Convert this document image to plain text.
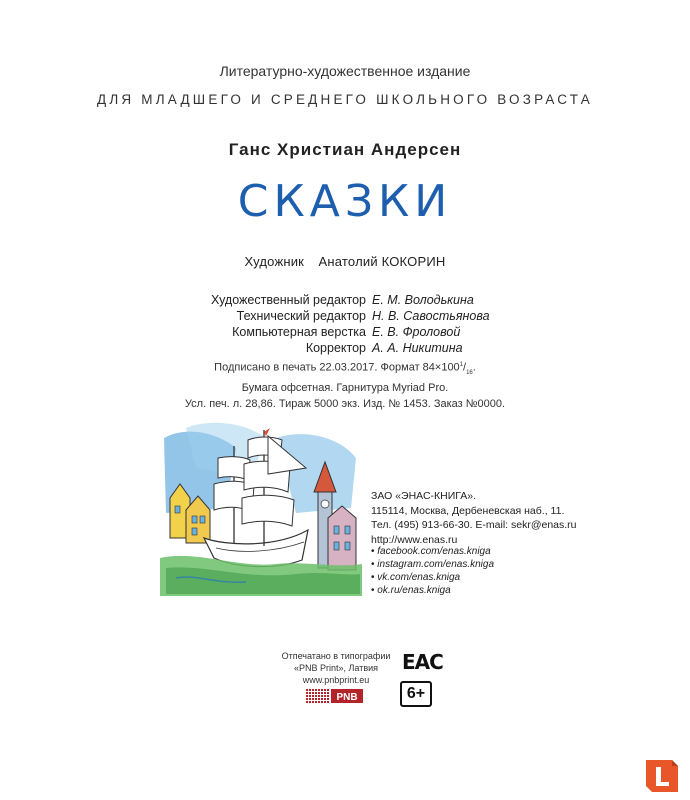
Литературно-художественное издание
ДЛЯ МЛАДШЕГО И СРЕДНЕГО ШКОЛЬНОГО ВОЗРАСТА
Ганс Христиан Андерсен
СКАЗКИ
Художник Анатолий КОКОРИН
Художественный редактор Е. М. Володькина
Технический редактор Н. В. Савостьянова
Компьютерная верстка Е. В. Фроловой
Корректор А. А. Никитина
Подписано в печать 22.03.2017. Формат $84\times 100^1/_{16}$.
Бумага офсетная. Гарнитура Myriad Pro.
Усл. печ. л. 28,86. Тираж 5000 экз. Изд. № 1453. Заказ №0000.
ЗАО «ЭНАС-КНИГА».
115114, Москва, Дербеневская наб., 11.
Тел. (495) 913-66-30. E-mail: sekr@enas.ru
http://www.enas.ru
• facebook.com/enas.kniga
• instagram.com/enas.kniga
• vk.com/enas.kniga
• ok.ru/enas.kniga
Отпечатано в типографии
«PNB Print», Латвия
www.pnbprint.eu
PNB
ЕАС
6+
